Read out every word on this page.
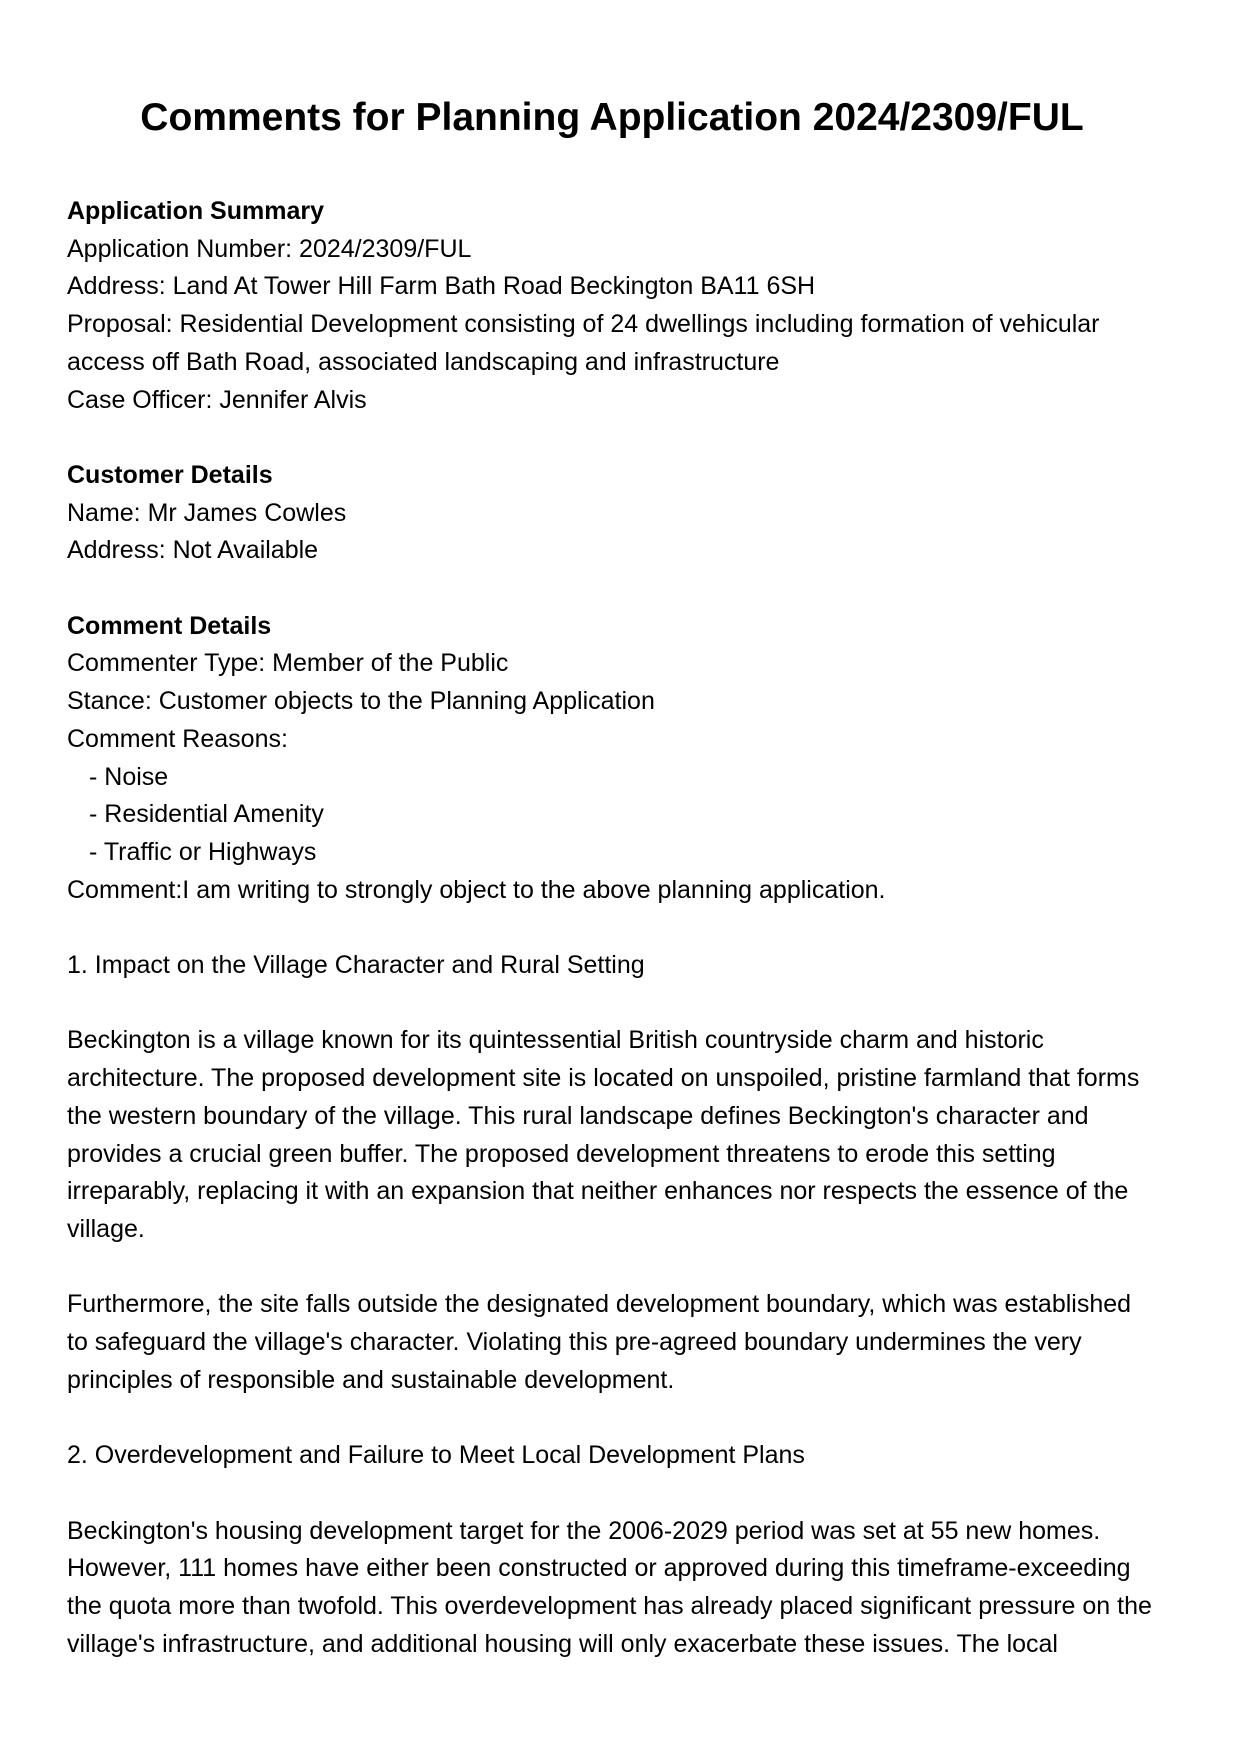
Comments for Planning Application 2024/2309/FUL
Application Summary

Application Number: 2024/2309/FUL

Address: Land At Tower Hill Farm Bath Road Beckington BA11 6SH

Proposal: Residential Development consisting of 24 dwellings including formation of vehicular access off Bath Road, associated landscaping and infrastructure

Case Officer: Jennifer Alvis

Customer Details

Name: Mr James Cowles

Address: Not Available

Comment Details

Commenter Type: Member of the Public

Stance: Customer objects to the Planning Application

Comment Reasons:

- Noise

- Residential Amenity

- Traffic or Highways

Comment:I am writing to strongly object to the above planning application.

1. Impact on the Village Character and Rural Setting

Beckington is a village known for its quintessential British countryside charm and historic architecture. The proposed development site is located on unspoiled, pristine farmland that forms the western boundary of the village. This rural landscape defines Beckington's character and provides a crucial green buffer. The proposed development threatens to erode this setting irreparably, replacing it with an expansion that neither enhances nor respects the essence of the village.

Furthermore, the site falls outside the designated development boundary, which was established to safeguard the village's character. Violating this pre-agreed boundary undermines the very principles of responsible and sustainable development.

2. Overdevelopment and Failure to Meet Local Development Plans

Beckington's housing development target for the 2006-2029 period was set at 55 new homes. However, 111 homes have either been constructed or approved during this timeframe-exceeding the quota more than twofold. This overdevelopment has already placed significant pressure on the village's infrastructure, and additional housing will only exacerbate these issues. The local
